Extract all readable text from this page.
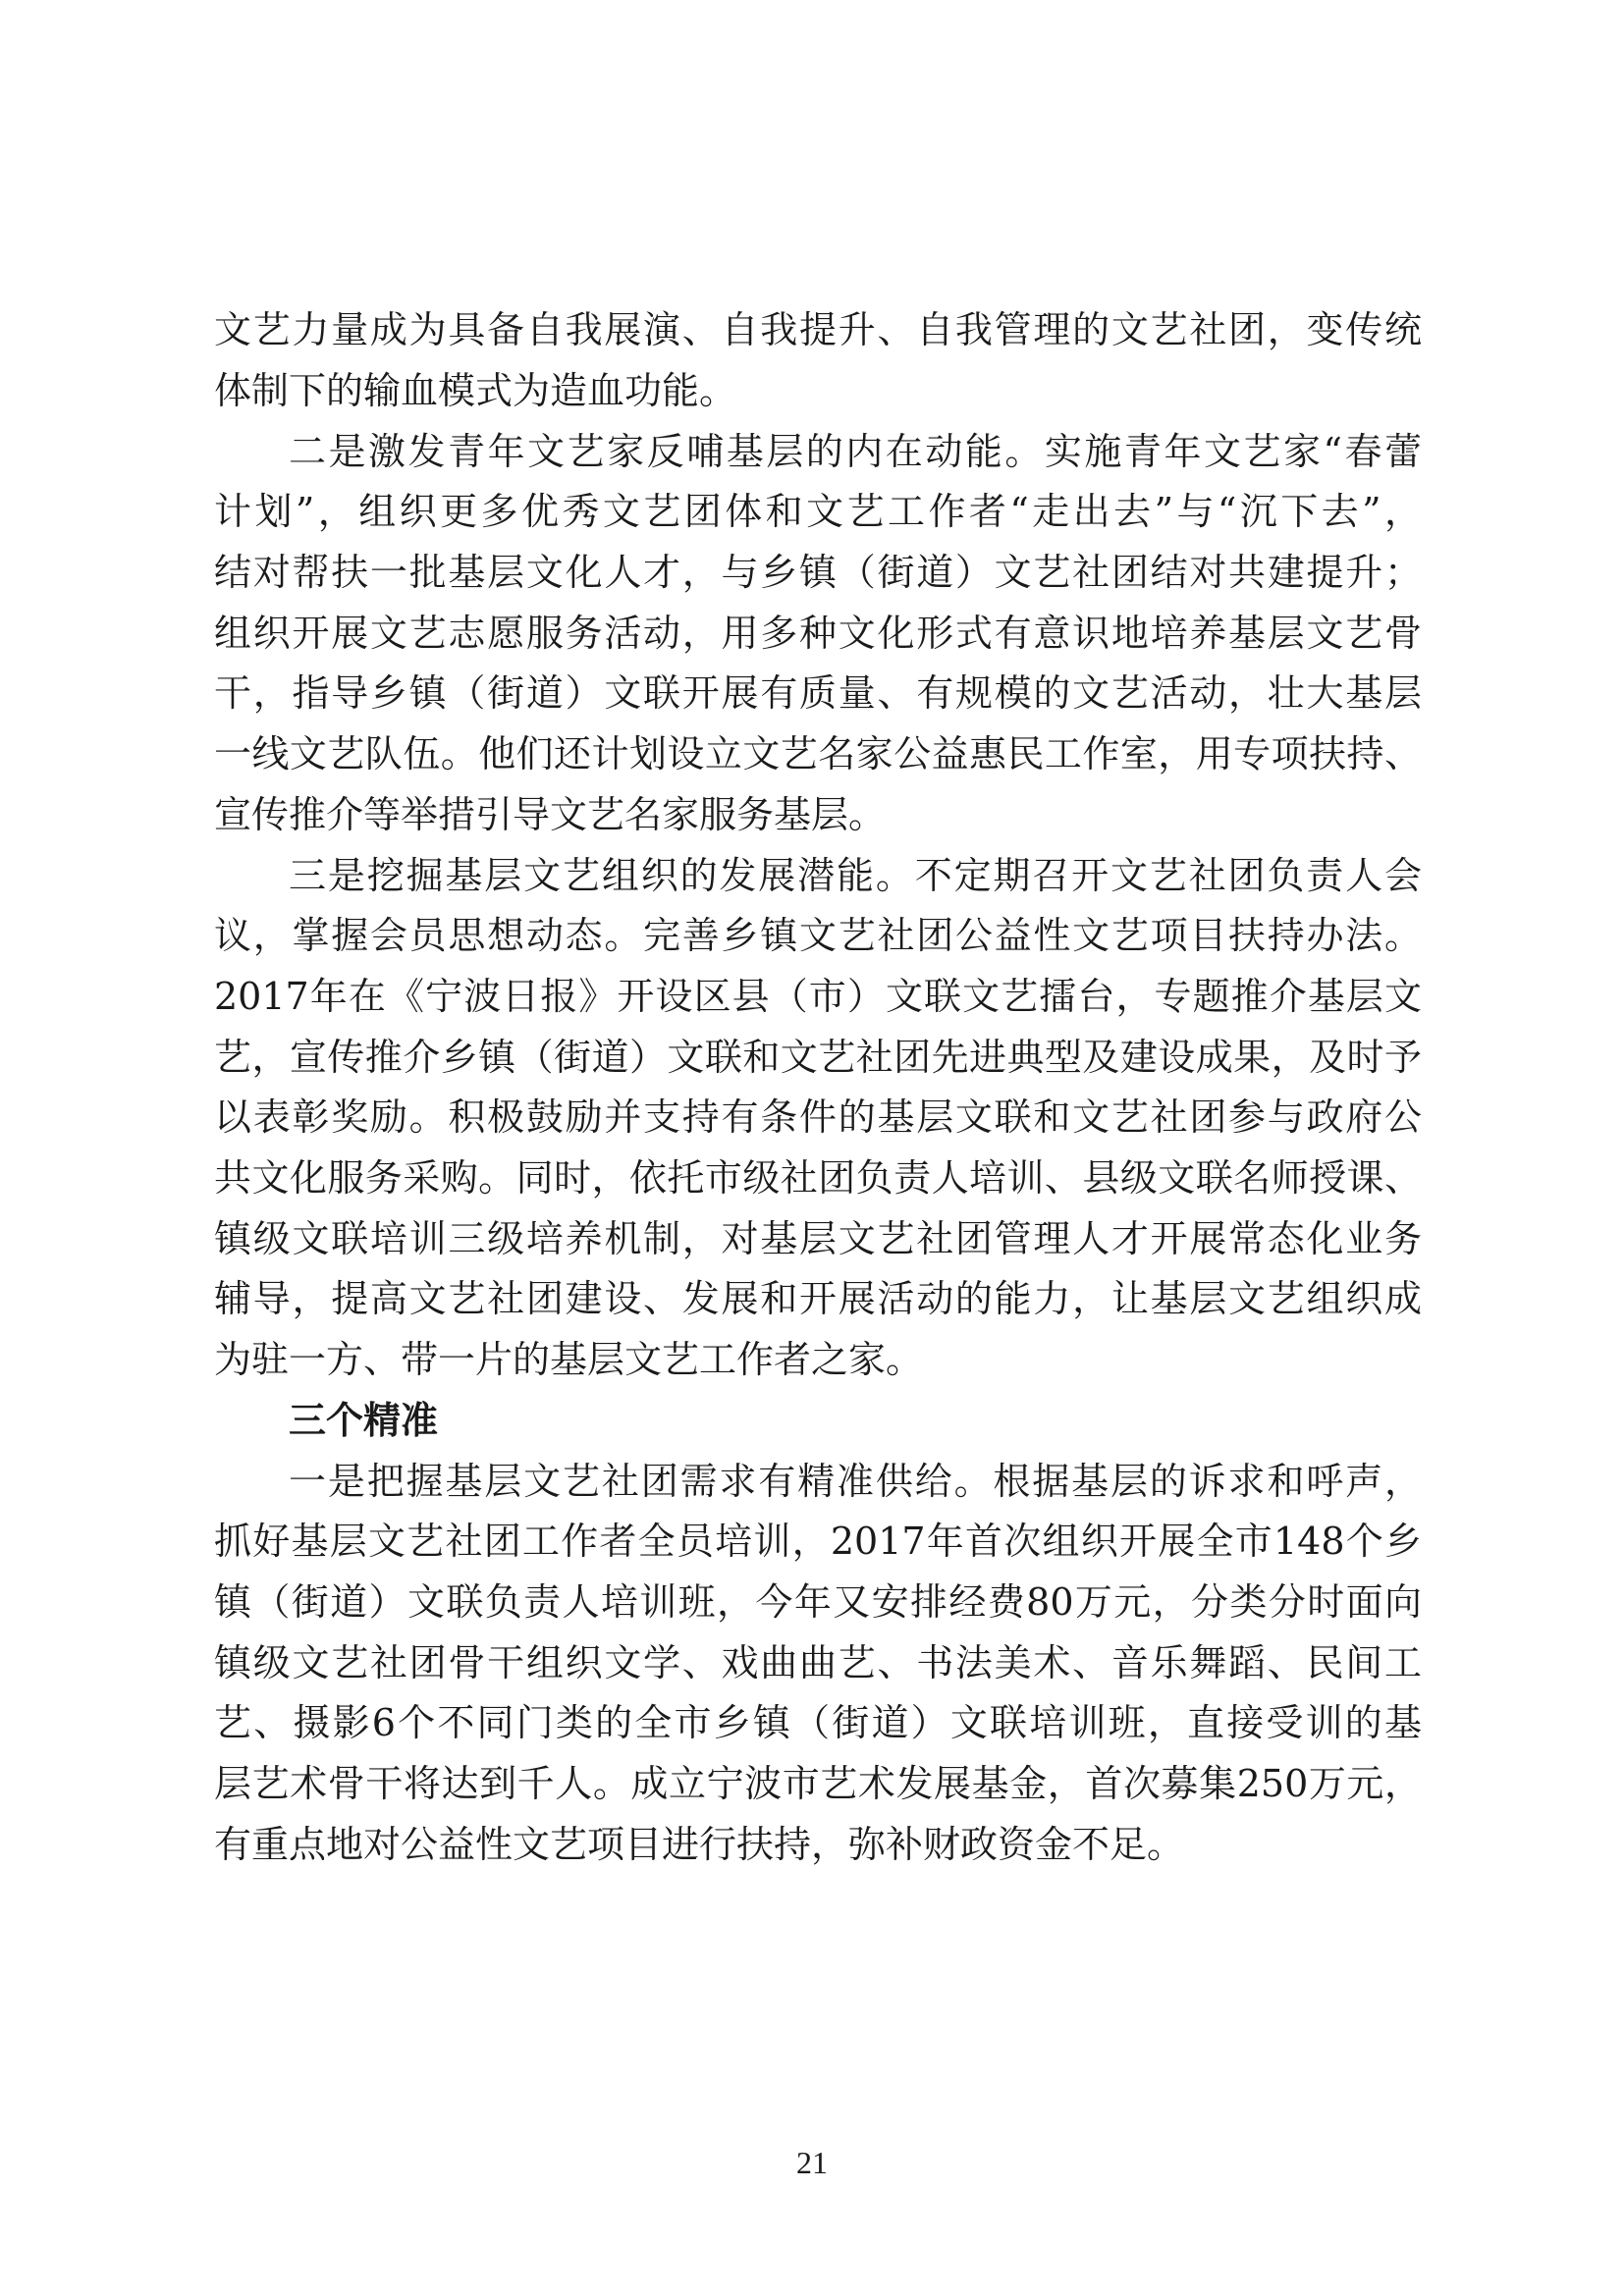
文艺力量成为具备自我展演、自我提升、自我管理的文艺社团，变传统
体制下的输血模式为造血功能。
二是激发青年文艺家反哺基层的内在动能。实施青年文艺家“春蕾
计划”，组织更多优秀文艺团体和文艺工作者“走出去”与“沉下去”，
结对帮扶一批基层文化人才，与乡镇（街道）文艺社团结对共建提升；
组织开展文艺志愿服务活动，用多种文化形式有意识地培养基层文艺骨
干，指导乡镇（街道）文联开展有质量、有规模的文艺活动，壮大基层
一线文艺队伍。他们还计划设立文艺名家公益惠民工作室，用专项扶持、
宣传推介等举措引导文艺名家服务基层。
三是挖掘基层文艺组织的发展潜能。不定期召开文艺社团负责人会
议，掌握会员思想动态。完善乡镇文艺社团公益性文艺项目扶持办法。
2017年在《宁波日报》开设区县（市）文联文艺擂台，专题推介基层文
艺，宣传推介乡镇（街道）文联和文艺社团先进典型及建设成果，及时予
以表彰奖励。积极鼓励并支持有条件的基层文联和文艺社团参与政府公
共文化服务采购。同时，依托市级社团负责人培训、县级文联名师授课、
镇级文联培训三级培养机制，对基层文艺社团管理人才开展常态化业务
辅导，提高文艺社团建设、发展和开展活动的能力，让基层文艺组织成
为驻一方、带一片的基层文艺工作者之家。
三个精准
一是把握基层文艺社团需求有精准供给。根据基层的诉求和呼声，
抓好基层文艺社团工作者全员培训，2017年首次组织开展全市148个乡
镇（街道）文联负责人培训班，今年又安排经费80万元，分类分时面向
镇级文艺社团骨干组织文学、戏曲曲艺、书法美术、音乐舞蹈、民间工
艺、摄影6个不同门类的全市乡镇（街道）文联培训班，直接受训的基
层艺术骨干将达到千人。成立宁波市艺术发展基金，首次募集250万元，
有重点地对公益性文艺项目进行扶持，弥补财政资金不足。
21
